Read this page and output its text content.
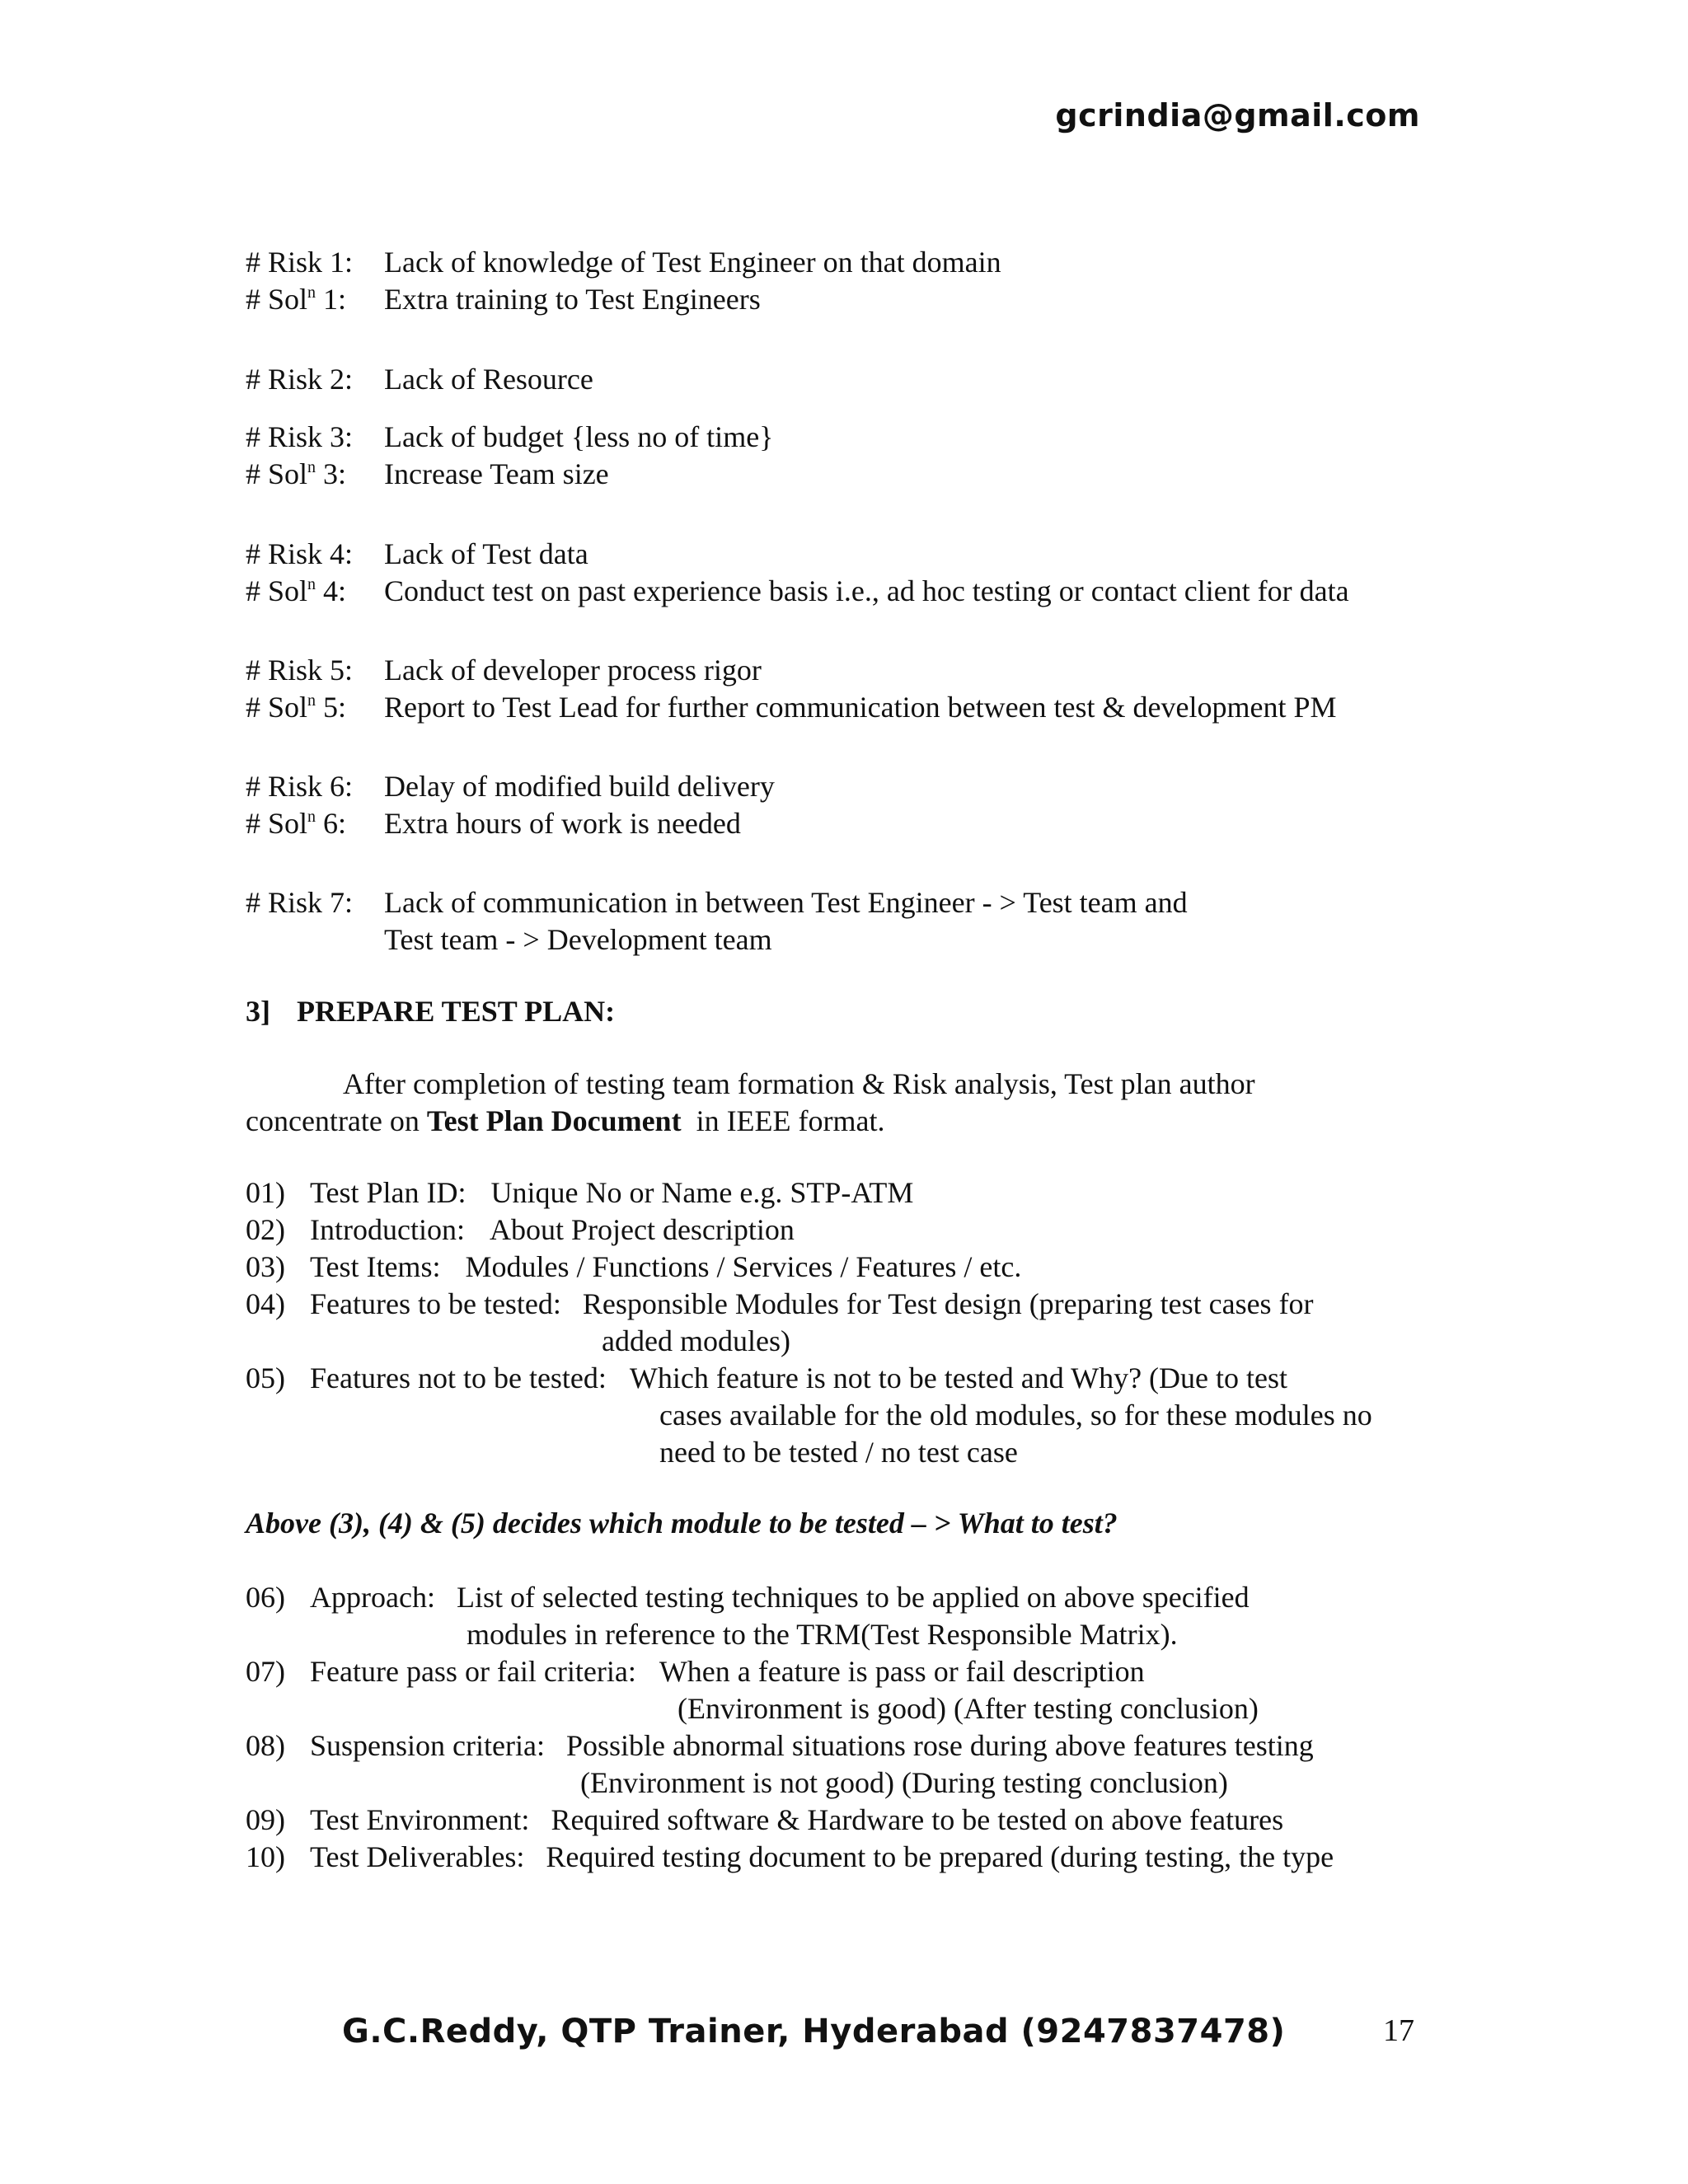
gcrindia@gmail.com
# Risk 1:	Lack of knowledge of Test Engineer on that domain
# Sol$^n$ 1:	Extra training to Test Engineers
# Risk 2:	Lack of Resource
# Risk 3:	Lack of budget {less no of time}
# Sol$^n$ 3:	Increase Team size
# Risk 4:	Lack of Test data
# Sol$^n$ 4:	Conduct test on past experience basis i.e., ad hoc testing or contact client for data
# Risk 5:	Lack of developer process rigor
# Sol$^n$ 5:	Report to Test Lead for further communication between test & development PM
# Risk 6:	Delay of modified build delivery
# Sol$^n$ 6:	Extra hours of work is needed
# Risk 7:	Lack of communication in between Test Engineer - > Test team and
Test team - > Development team
3] PREPARE TEST PLAN:
After completion of testing team formation & Risk analysis, Test plan author
concentrate on Test Plan Document  in IEEE format.
01) Test Plan ID: Unique No or Name e.g. STP-ATM
02) Introduction: About Project description
03) Test Items: Modules / Functions / Services / Features / etc.
04) Features to be tested: Responsible Modules for Test design (preparing test cases for
added modules)
05) Features not to be tested: Which feature is not to be tested and Why? (Due to test
cases available for the old modules, so for these modules no
need to be tested / no test case
Above (3), (4) & (5) decides which module to be tested – > What to test?
06) Approach: List of selected testing techniques to be applied on above specified
modules in reference to the TRM(Test Responsible Matrix).
07) Feature pass or fail criteria: When a feature is pass or fail description
(Environment is good) (After testing conclusion)
08) Suspension criteria: Possible abnormal situations rose during above features testing
(Environment is not good) (During testing conclusion)
09) Test Environment: Required software & Hardware to be tested on above features
10) Test Deliverables: Required testing document to be prepared (during testing, the type
G.C.Reddy, QTP Trainer, Hyderabad (9247837478)	17
